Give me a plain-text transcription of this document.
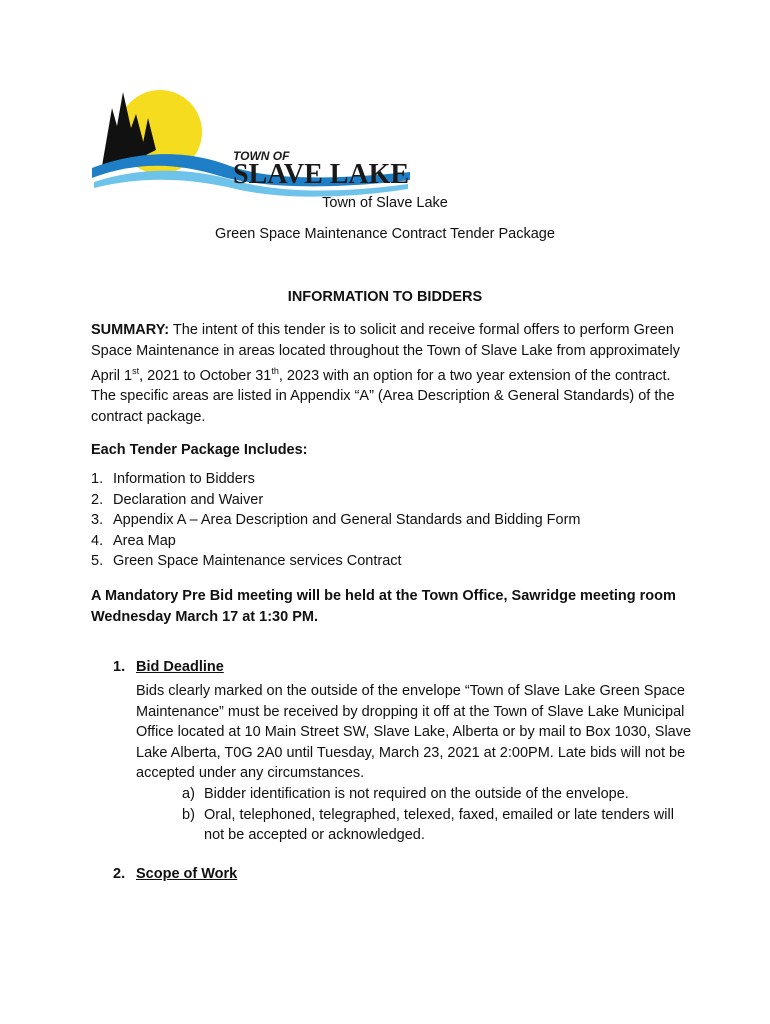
TOWN OF
SLAVE LAKE
Town of Slave Lake
Green Space Maintenance Contract Tender Package
INFORMATION TO BIDDERS
SUMMARY: The intent of this tender is to solicit and receive formal offers to perform Green Space Maintenance in areas located throughout the Town of Slave Lake from approximately April 1st, 2021 to October 31th, 2023 with an option for a two year extension of the contract. The specific areas are listed in Appendix “A” (Area Description & General Standards) of the contract package.
Each Tender Package Includes:
1. Information to Bidders
2. Declaration and Waiver
3. Appendix A – Area Description and General Standards and Bidding Form
4. Area Map
5. Green Space Maintenance services Contract
A Mandatory Pre Bid meeting will be held at the Town Office, Sawridge meeting room Wednesday March 17 at 1:30 PM.
1. Bid Deadline
Bids clearly marked on the outside of the envelope “Town of Slave Lake Green Space Maintenance” must be received by dropping it off at the Town of Slave Lake Municipal Office located at 10 Main Street SW, Slave Lake, Alberta or by mail to Box 1030, Slave Lake Alberta, T0G 2A0 until Tuesday, March 23, 2021 at 2:00PM. Late bids will not be accepted under any circumstances.
a) Bidder identification is not required on the outside of the envelope.
b) Oral, telephoned, telegraphed, telexed, faxed, emailed or late tenders will not be accepted or acknowledged.
2. Scope of Work
